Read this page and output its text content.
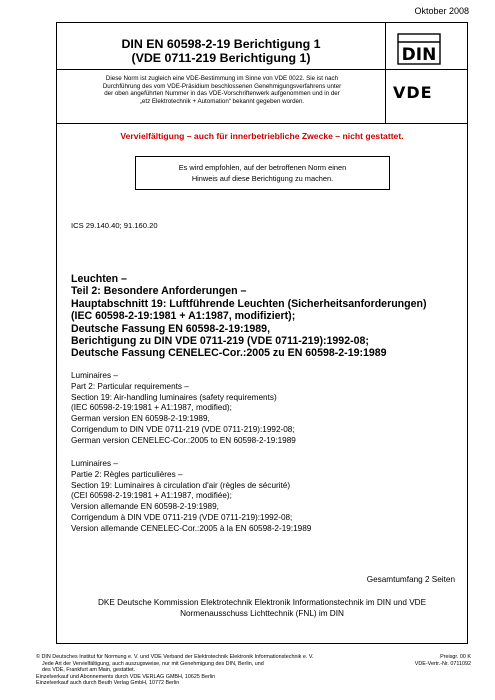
Oktober 2008
DIN EN 60598-2-19 Berichtigung 1
(VDE 0711-219 Berichtigung 1)	DIN
Diese Norm ist zugleich eine VDE-Bestimmung im Sinne von VDE 0022. Sie ist nach
Durchführung des vom VDE-Präsidium beschlossenen Genehmigungsverfahrens unter
der oben angeführten Nummer in das VDE-Vorschriftenwerk aufgenommen und in der
„etz Elektrotechnik + Automation“ bekannt gegeben worden.	VDE
Vervielfältigung – auch für innerbetriebliche Zwecke – nicht gestattet.
Es wird empfohlen, auf der betroffenen Norm einen
Hinweis auf diese Berichtigung zu machen.
ICS 29.140.40; 91.160.20
Leuchten –
Teil 2: Besondere Anforderungen –
Hauptabschnitt 19: Luftführende Leuchten (Sicherheitsanforderungen)
(IEC 60598-2-19:1981 + A1:1987, modifiziert);
Deutsche Fassung EN 60598-2-19:1989,
Berichtigung zu DIN VDE 0711-219 (VDE 0711-219):1992-08;
Deutsche Fassung CENELEC-Cor.:2005 zu EN 60598-2-19:1989
Luminaires –
Part 2: Particular requirements –
Section 19: Air-handling luminaires (safety requirements)
(IEC 60598-2-19:1981 + A1:1987, modified);
German version EN 60598-2-19:1989,
Corrigendum to DIN VDE 0711-219 (VDE 0711-219):1992-08;
German version CENELEC-Cor.:2005 to EN 60598-2-19:1989
Luminaires –
Partie 2: Règles particulières –
Section 19: Luminaires à circulation d'air (règles de sécurité)
(CEI 60598-2-19:1981 + A1:1987, modifiée);
Version allemande EN 60598-2-19:1989,
Corrigendum à DIN VDE 0711-219 (VDE 0711-219):1992-08;
Version allemande CENELEC-Cor.:2005 à la EN 60598-2-19:1989
Gesamtumfang 2 Seiten
DKE Deutsche Kommission Elektrotechnik Elektronik Informationstechnik im DIN und VDE
Normenausschuss Lichttechnik (FNL) im DIN
© DIN Deutsches Institut für Normung e. V. und VDE Verband der Elektrotechnik Elektronik Informationstechnik e. V.
Jede Art der Vervielfältigung, auch auszugsweise, nur mit Genehmigung des DIN, Berlin, und
des VDE, Frankfurt am Main, gestattet.
Einzelverkauf und Abonnements durch VDE VERLAG GMBH, 10625 Berlin
Einzelverkauf auch durch Beuth Verlag GmbH, 10772 Berlin
Preisgr. 00 K
VDE-Vertr.-Nr. 0711092
